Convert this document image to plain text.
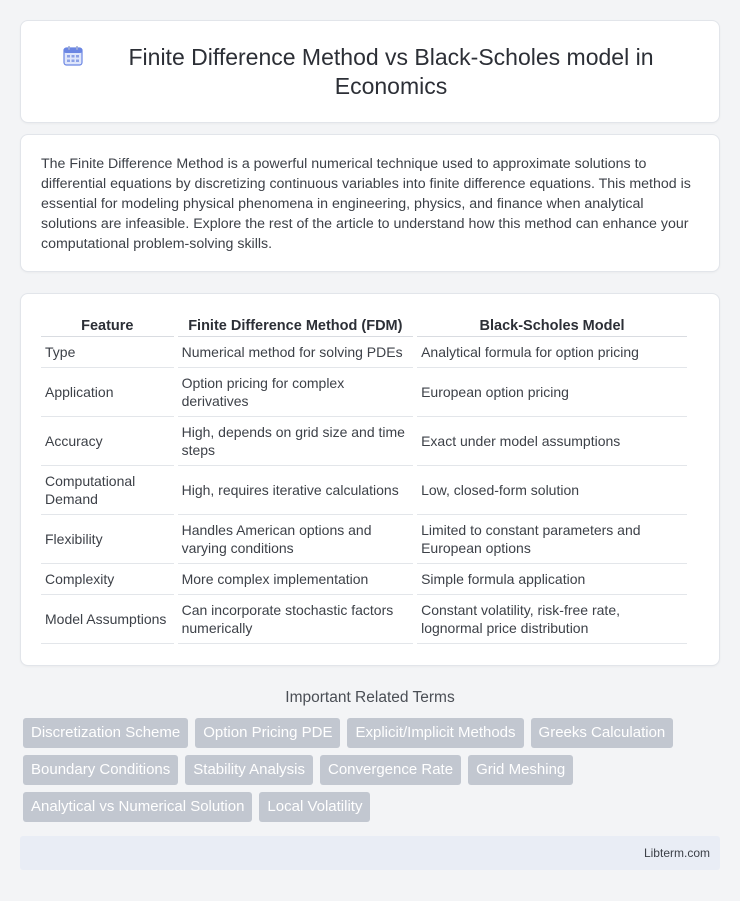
Finite Difference Method vs Black-Scholes model in Economics

The Finite Difference Method is a powerful numerical technique used to approximate solutions to differential equations by discretizing continuous variables into finite difference equations. This method is essential for modeling physical phenomena in engineering, physics, and finance when analytical solutions are infeasible. Explore the rest of the article to understand how this method can enhance your computational problem-solving skills.

Feature	Finite Difference Method (FDM)	Black-Scholes Model
Type	Numerical method for solving PDEs	Analytical formula for option pricing
Application	Option pricing for complex derivatives	European option pricing
Accuracy	High, depends on grid size and time steps	Exact under model assumptions
Computational Demand	High, requires iterative calculations	Low, closed-form solution
Flexibility	Handles American options and varying conditions	Limited to constant parameters and European options
Complexity	More complex implementation	Simple formula application
Model Assumptions	Can incorporate stochastic factors numerically	Constant volatility, risk-free rate, lognormal price distribution
Important Related Terms
Discretization Scheme	Option Pricing PDE	Explicit/Implicit Methods	Greeks Calculation
Boundary Conditions	Stability Analysis	Convergence Rate	Grid Meshing
Analytical vs Numerical Solution	Local Volatility
Libterm.com
